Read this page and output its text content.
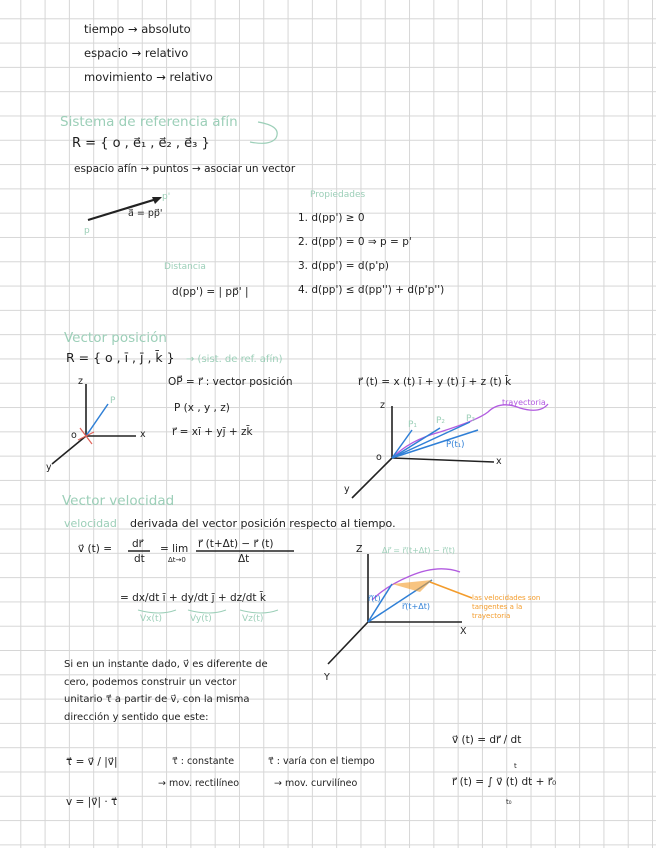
tiempo → absoluto
espacio → relativo
movimiento → relativo
Sistema de referencia afín
R = { o , e⃗₁ , e⃗₂ , e⃗₃ }
espacio afín → puntos → asociar un vector
p
p'
a⃗ = pp⃗'
Propiedades
1. d(pp') ≥ 0
2. d(pp') = 0 ⇒ p = p'
3. d(pp') = d(p'p)
4. d(pp') ≤ d(pp'') + d(p'p'')
Distancia
d(pp') = | pp⃗' |
Vector posición
R = { o , ī , j̄ , k̄ } → (sist. de ref. afín)
OP⃗ = r⃗ : vector posición
P (x , y , z)
r⃗ = xī + yj̄ + zk̄
r⃗ (t) = x (t) ī + y (t) j̄ + z (t) k̄
z
x
y
o
P	z
x
y
o
trayectoria
P₁ P₂ P₃
P(t₁)
Vector velocidad
velocidad derivada del vector posición respecto al tiempo.
v⃗ (t) = dr⃗
dt
= lim
Δt→0
r⃗ (t+Δt) − r⃗ (t)
Δt
= dx/dt ī + dy/dt j̄ + dz/dt k̄
Vx(t)	Vy(t)	Vz(t)
Z
X
Y
Δr⃗ = r⃗(t+Δt) − r⃗(t)
r⃗(t)
r⃗(t+Δt)
las velocidades son tangentes a la trayectoria
Si en un instante dado, v⃗ es diferente de cero, podemos construir un vector unitario τ⃗ a partir de v⃗, con la misma dirección y sentido que este:
τ⃗ = v⃗ / |v⃗|
v = |v⃗| · τ⃗
τ⃗ : constante
→ mov. rectilíneo
τ⃗ : varía con el tiempo
→ mov. curvilíneo
v⃗ (t) = dr⃗ / dt
r⃗ (t) = ∫ v⃗ (t) dt + r⃗₀
t₀
t
